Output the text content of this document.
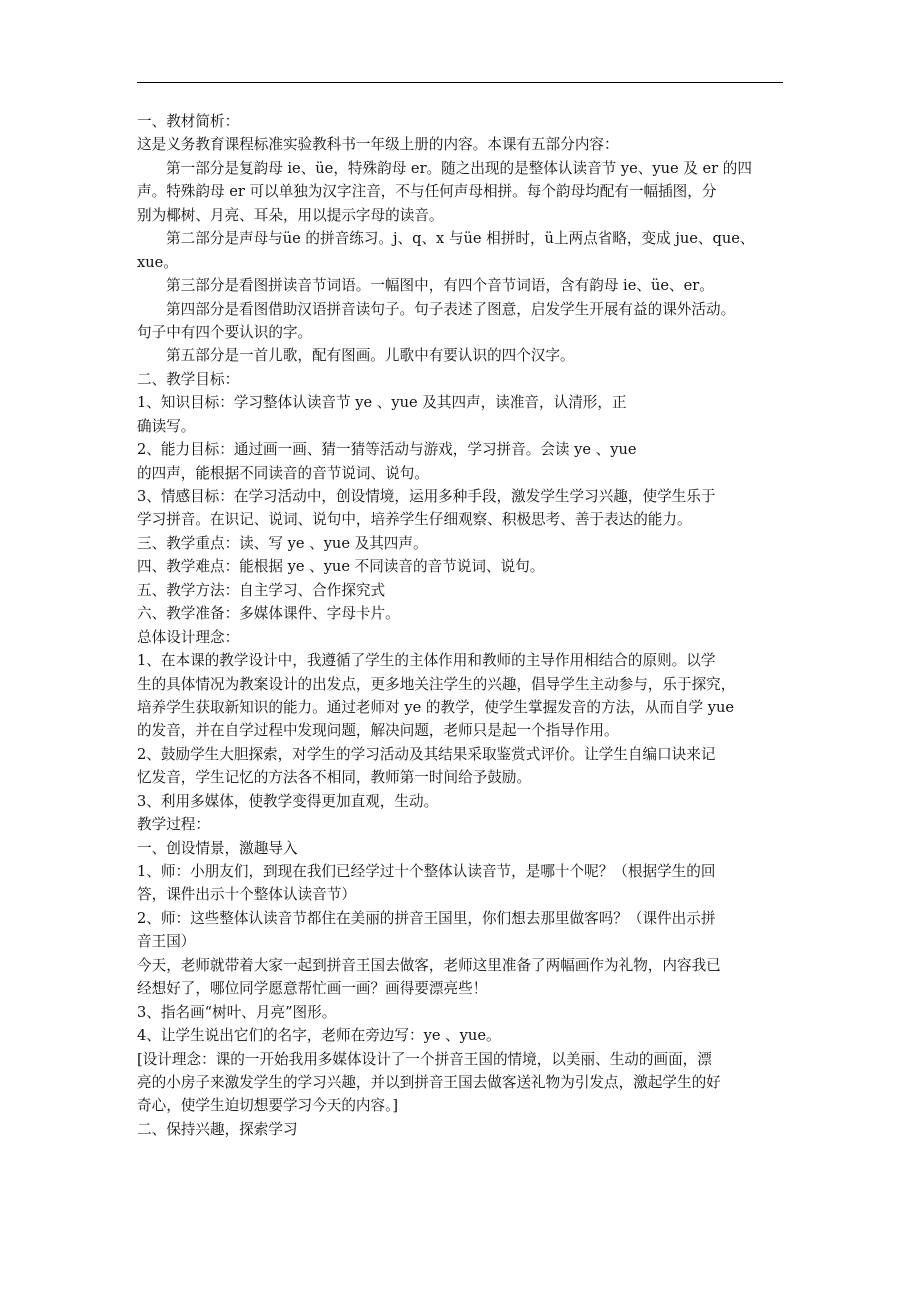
一、教材简析：
这是义务教育课程标准实验教科书一年级上册的内容。本课有五部分内容：
第一部分是复韵母 ie、üe，特殊韵母 er。随之出现的是整体认读音节 ye、yue 及 er 的四
声。特殊韵母 er 可以单独为汉字注音，不与任何声母相拼。每个韵母均配有一幅插图，分
别为椰树、月亮、耳朵，用以提示字母的读音。
第二部分是声母与üe 的拼音练习。j、q、x 与üe 相拼时，ü上两点省略，变成 jue、que、
xue。
第三部分是看图拼读音节词语。一幅图中，有四个音节词语，含有韵母 ie、üe、er。
第四部分是看图借助汉语拼音读句子。句子表述了图意，启发学生开展有益的课外活动。
句子中有四个要认识的字。
第五部分是一首儿歌，配有图画。儿歌中有要认识的四个汉字。
二、教学目标：
1、知识目标：学习整体认读音节 ye 、yue 及其四声，读准音，认清形，正
确读写。
2、能力目标：通过画一画、猜一猜等活动与游戏，学习拼音。会读 ye 、yue
的四声，能根据不同读音的音节说词、说句。
3、情感目标：在学习活动中，创设情境，运用多种手段，激发学生学习兴趣，使学生乐于
学习拼音。在识记、说词、说句中，培养学生仔细观察、积极思考、善于表达的能力。
三、教学重点：读、写 ye 、yue 及其四声。
四、教学难点：能根据 ye 、yue 不同读音的音节说词、说句。
五、教学方法：自主学习、合作探究式
六、教学准备：多媒体课件、字母卡片。
总体设计理念：
1、在本课的教学设计中，我遵循了学生的主体作用和教师的主导作用相结合的原则。以学
生的具体情况为教案设计的出发点，更多地关注学生的兴趣，倡导学生主动参与，乐于探究，
培养学生获取新知识的能力。通过老师对 ye 的教学，使学生掌握发音的方法，从而自学 yue
的发音，并在自学过程中发现问题，解决问题，老师只是起一个指导作用。
2、鼓励学生大胆探索，对学生的学习活动及其结果采取鉴赏式评价。让学生自编口诀来记
忆发音，学生记忆的方法各不相同，教师第一时间给予鼓励。
3、利用多媒体，使教学变得更加直观，生动。
教学过程：
一、创设情景，激趣导入
1、师：小朋友们，到现在我们已经学过十个整体认读音节，是哪十个呢？（根据学生的回
答，课件出示十个整体认读音节）
2、师：这些整体认读音节都住在美丽的拼音王国里，你们想去那里做客吗？（课件出示拼
音王国）
今天，老师就带着大家一起到拼音王国去做客，老师这里准备了两幅画作为礼物，内容我已
经想好了，哪位同学愿意帮忙画一画？画得要漂亮些！
3、指名画“树叶、月亮”图形。
4、让学生说出它们的名字，老师在旁边写：ye 、yue。
[设计理念：课的一开始我用多媒体设计了一个拼音王国的情境，以美丽、生动的画面，漂
亮的小房子来激发学生的学习兴趣，并以到拼音王国去做客送礼物为引发点，激起学生的好
奇心，使学生迫切想要学习今天的内容。]
二、保持兴趣，探索学习
